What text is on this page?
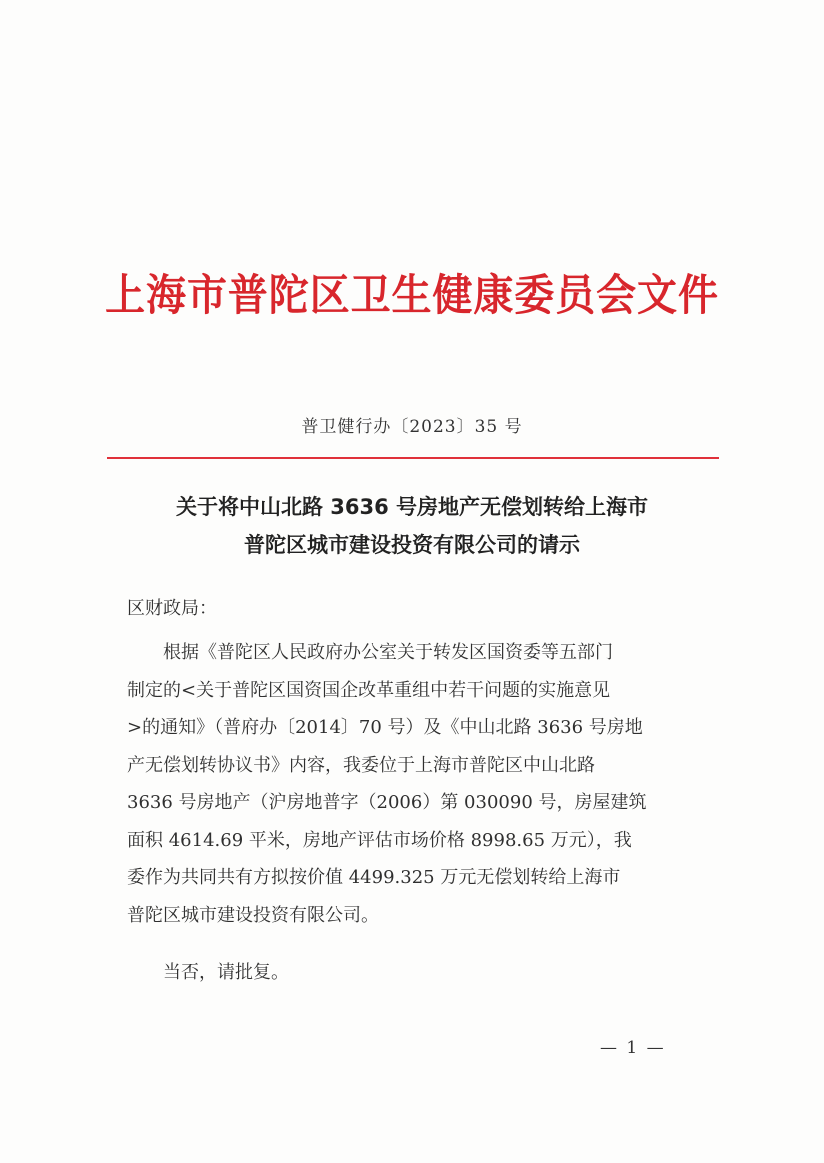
上海市普陀区卫生健康委员会文件
普卫健行办〔2023〕35 号
关于将中山北路 3636 号房地产无偿划转给上海市
普陀区城市建设投资有限公司的请示
区财政局：
根据《普陀区人民政府办公室关于转发区国资委等五部门
制定的<关于普陀区国资国企改革重组中若干问题的实施意见
>的通知》（普府办〔2014〕70 号）及《中山北路 3636 号房地
产无偿划转协议书》内容，我委位于上海市普陀区中山北路
3636 号房地产（沪房地普字（2006）第 030090 号，房屋建筑
面积 4614.69 平米，房地产评估市场价格 8998.65 万元），我
委作为共同共有方拟按价值 4499.325 万元无偿划转给上海市
普陀区城市建设投资有限公司。
当否，请批复。
— 1 —
